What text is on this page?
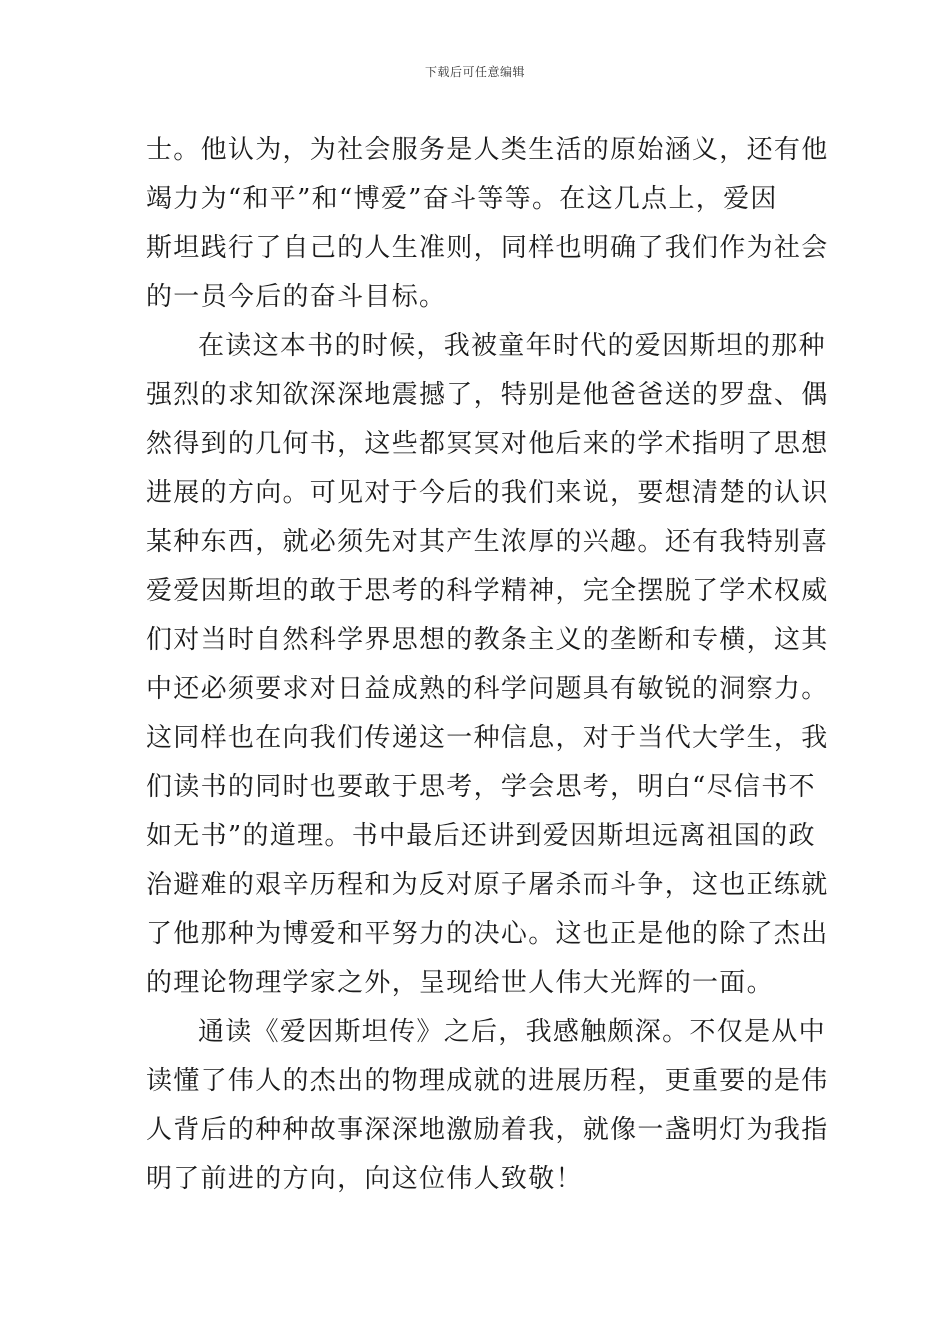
下载后可任意编辑
士。他认为，为社会服务是人类生活的原始涵义，还有他
竭力为“和平”和“博爱”奋斗等等。在这几点上，爱因
斯坦践行了自己的人生准则，同样也明确了我们作为社会
的一员今后的奋斗目标。
在读这本书的时候，我被童年时代的爱因斯坦的那种
强烈的求知欲深深地震撼了，特别是他爸爸送的罗盘、偶
然得到的几何书，这些都冥冥对他后来的学术指明了思想
进展的方向。可见对于今后的我们来说，要想清楚的认识
某种东西，就必须先对其产生浓厚的兴趣。还有我特别喜
爱爱因斯坦的敢于思考的科学精神，完全摆脱了学术权威
们对当时自然科学界思想的教条主义的垄断和专横，这其
中还必须要求对日益成熟的科学问题具有敏锐的洞察力。
这同样也在向我们传递这一种信息，对于当代大学生，我
们读书的同时也要敢于思考，学会思考，明白“尽信书不
如无书”的道理。书中最后还讲到爱因斯坦远离祖国的政
治避难的艰辛历程和为反对原子屠杀而斗争，这也正练就
了他那种为博爱和平努力的决心。这也正是他的除了杰出
的理论物理学家之外，呈现给世人伟大光辉的一面。
通读《爱因斯坦传》之后，我感触颇深。不仅是从中
读懂了伟人的杰出的物理成就的进展历程，更重要的是伟
人背后的种种故事深深地激励着我，就像一盏明灯为我指
明了前进的方向，向这位伟人致敬！
